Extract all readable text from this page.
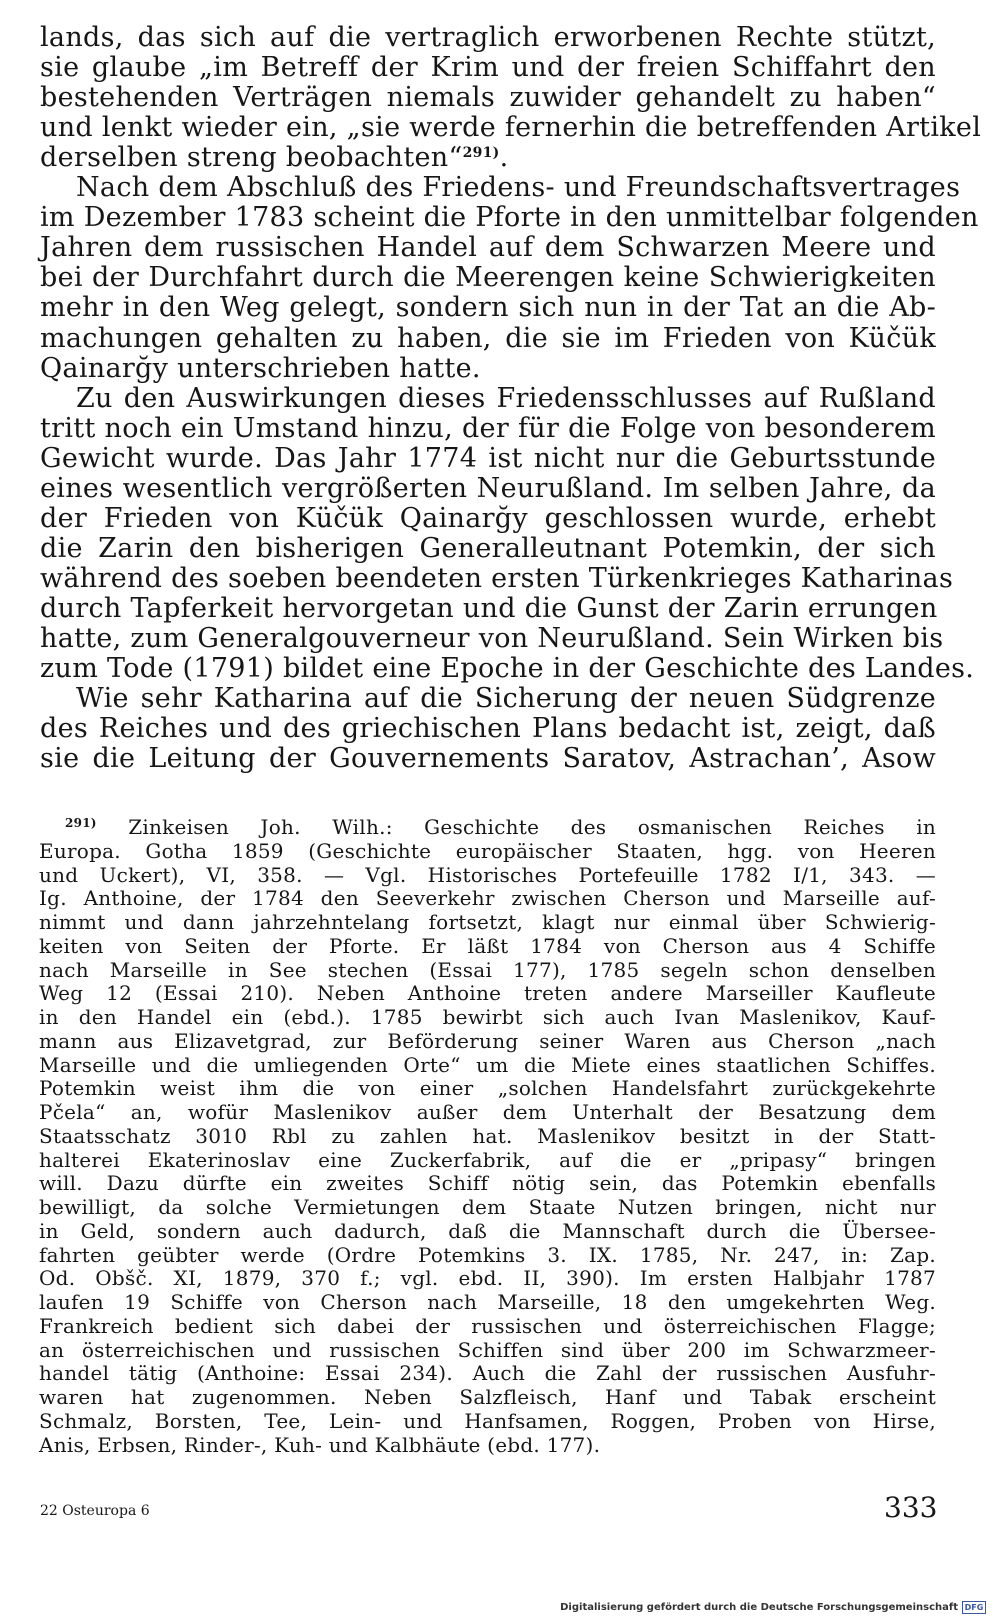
lands, das sich auf die vertraglich erworbenen Rechte stützt,
sie glaube „im Betreff der Krim und der freien Schiffahrt den
bestehenden Verträgen niemals zuwider gehandelt zu haben“
und lenkt wieder ein, „sie werde fernerhin die betreffenden Artikel
derselben streng beobachten“$^{291)}$.
Nach dem Abschluß des Friedens- und Freundschaftsvertrages
im Dezember 1783 scheint die Pforte in den unmittelbar folgenden
Jahren dem russischen Handel auf dem Schwarzen Meere und
bei der Durchfahrt durch die Meerengen keine Schwierigkeiten
mehr in den Weg gelegt, sondern sich nun in der Tat an die Ab-
machungen gehalten zu haben, die sie im Frieden von Küčük
Qainarğy unterschrieben hatte.
Zu den Auswirkungen dieses Friedensschlusses auf Rußland
tritt noch ein Umstand hinzu, der für die Folge von besonderem
Gewicht wurde. Das Jahr 1774 ist nicht nur die Geburtsstunde
eines wesentlich vergrößerten Neurußland. Im selben Jahre, da
der Frieden von Küčük Qainarğy geschlossen wurde, erhebt
die Zarin den bisherigen Generalleutnant Potemkin, der sich
während des soeben beendeten ersten Türkenkrieges Katharinas
durch Tapferkeit hervorgetan und die Gunst der Zarin errungen
hatte, zum Generalgouverneur von Neurußland. Sein Wirken bis
zum Tode (1791) bildet eine Epoche in der Geschichte des Landes.
Wie sehr Katharina auf die Sicherung der neuen Südgrenze
des Reiches und des griechischen Plans bedacht ist, zeigt, daß
sie die Leitung der Gouvernements Saratov, Astrachan’, Asow
$^{291)}$ Zinkeisen Joh. Wilh.: Geschichte des osmanischen Reiches in
Europa. Gotha 1859 (Geschichte europäischer Staaten, hgg. von Heeren
und Uckert), VI, 358. — Vgl. Historisches Portefeuille 1782 I/1, 343. —
Ig. Anthoine, der 1784 den Seeverkehr zwischen Cherson und Marseille auf-
nimmt und dann jahrzehntelang fortsetzt, klagt nur einmal über Schwierig-
keiten von Seiten der Pforte. Er läßt 1784 von Cherson aus 4 Schiffe
nach Marseille in See stechen (Essai 177), 1785 segeln schon denselben
Weg 12 (Essai 210). Neben Anthoine treten andere Marseiller Kaufleute
in den Handel ein (ebd.). 1785 bewirbt sich auch Ivan Maslenikov, Kauf-
mann aus Elizavetgrad, zur Beförderung seiner Waren aus Cherson „nach
Marseille und die umliegenden Orte“ um die Miete eines staatlichen Schiffes.
Potemkin weist ihm die von einer „solchen Handelsfahrt zurückgekehrte
Pčela“ an, wofür Maslenikov außer dem Unterhalt der Besatzung dem
Staatsschatz 3010 Rbl zu zahlen hat. Maslenikov besitzt in der Statt-
halterei Ekaterinoslav eine Zuckerfabrik, auf die er „pripasy“ bringen
will. Dazu dürfte ein zweites Schiff nötig sein, das Potemkin ebenfalls
bewilligt, da solche Vermietungen dem Staate Nutzen bringen, nicht nur
in Geld, sondern auch dadurch, daß die Mannschaft durch die Übersee-
fahrten geübter werde (Ordre Potemkins 3. IX. 1785, Nr. 247, in: Zap.
Od. Obšč. XI, 1879, 370 f.; vgl. ebd. II, 390). Im ersten Halbjahr 1787
laufen 19 Schiffe von Cherson nach Marseille, 18 den umgekehrten Weg.
Frankreich bedient sich dabei der russischen und österreichischen Flagge;
an österreichischen und russischen Schiffen sind über 200 im Schwarzmeer-
handel tätig (Anthoine: Essai 234). Auch die Zahl der russischen Ausfuhr-
waren hat zugenommen. Neben Salzfleisch, Hanf und Tabak erscheint
Schmalz, Borsten, Tee, Lein- und Hanfsamen, Roggen, Proben von Hirse,
Anis, Erbsen, Rinder-, Kuh- und Kalbhäute (ebd. 177).
22 Osteuropa 6	333
Digitalisierung gefördert durch die Deutsche Forschungsgemeinschaft DFG
